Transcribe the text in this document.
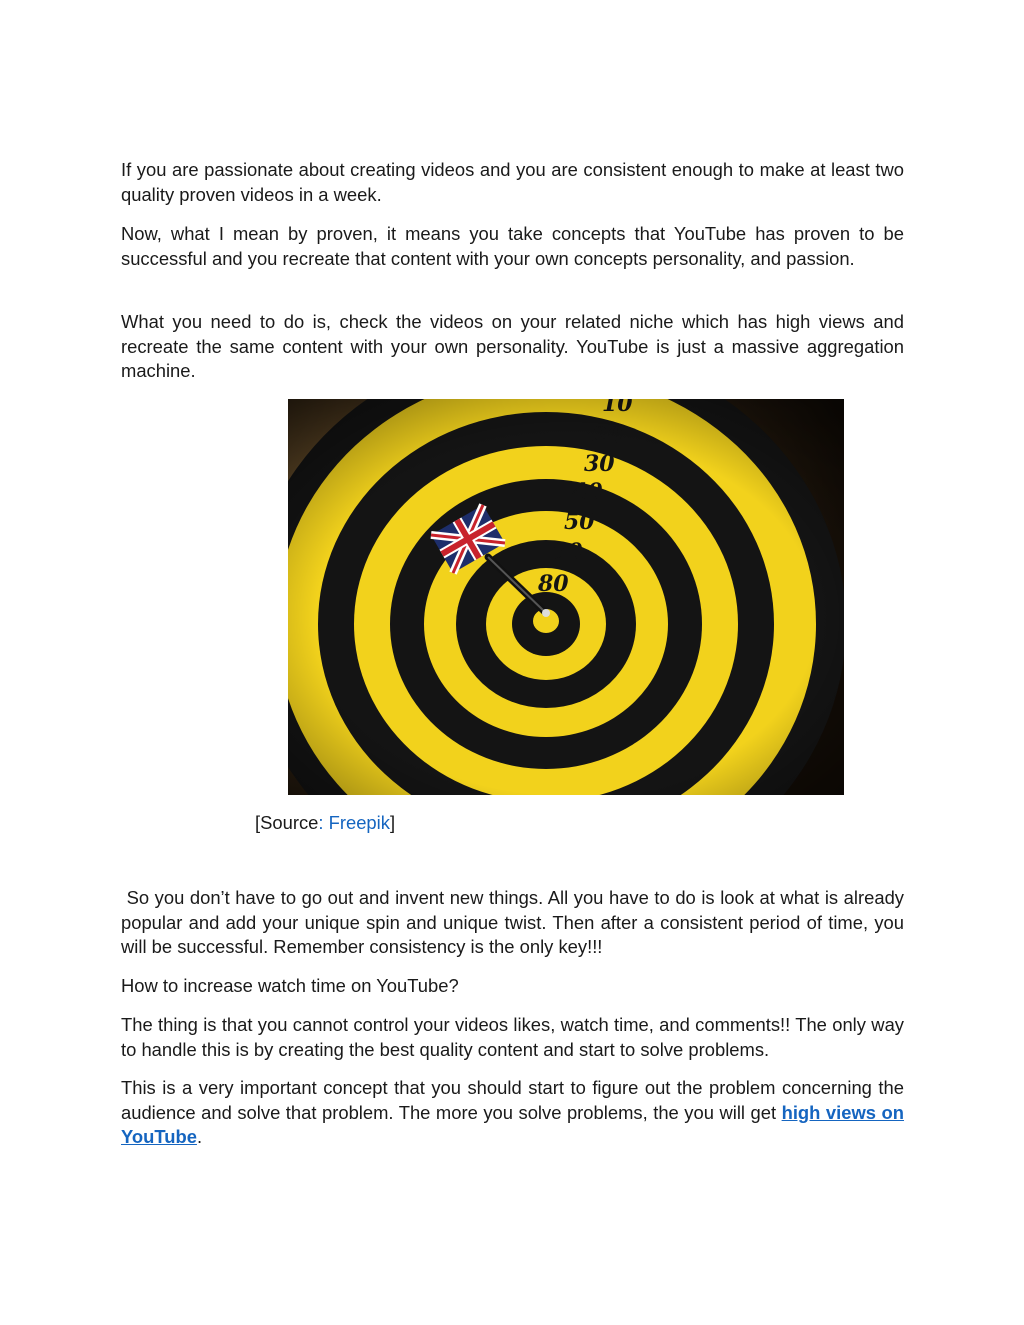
If you are passionate about creating videos and you are consistent enough to make at least two quality proven videos in a week.

Now, what I mean by proven, it means you take concepts that YouTube has proven to be successful and you recreate that content with your own concepts personality, and passion.

What you need to do is, check the videos on your related niche which has high views and recreate the same content with your own personality. YouTube is just a massive aggregation machine.

[Source: Freepik]

So you don’t have to go out and invent new things. All you have to do is look at what is already popular and add your unique spin and unique twist. Then after a consistent period of time, you will be successful. Remember consistency is the only key!!!

How to increase watch time on YouTube?

The thing is that you cannot control your videos likes, watch time, and comments!! The only way to handle this is by creating the best quality content and start to solve problems.

This is a very important concept that you should start to figure out the problem concerning the audience and solve that problem. The more you solve problems, the you will get high views on YouTube.
